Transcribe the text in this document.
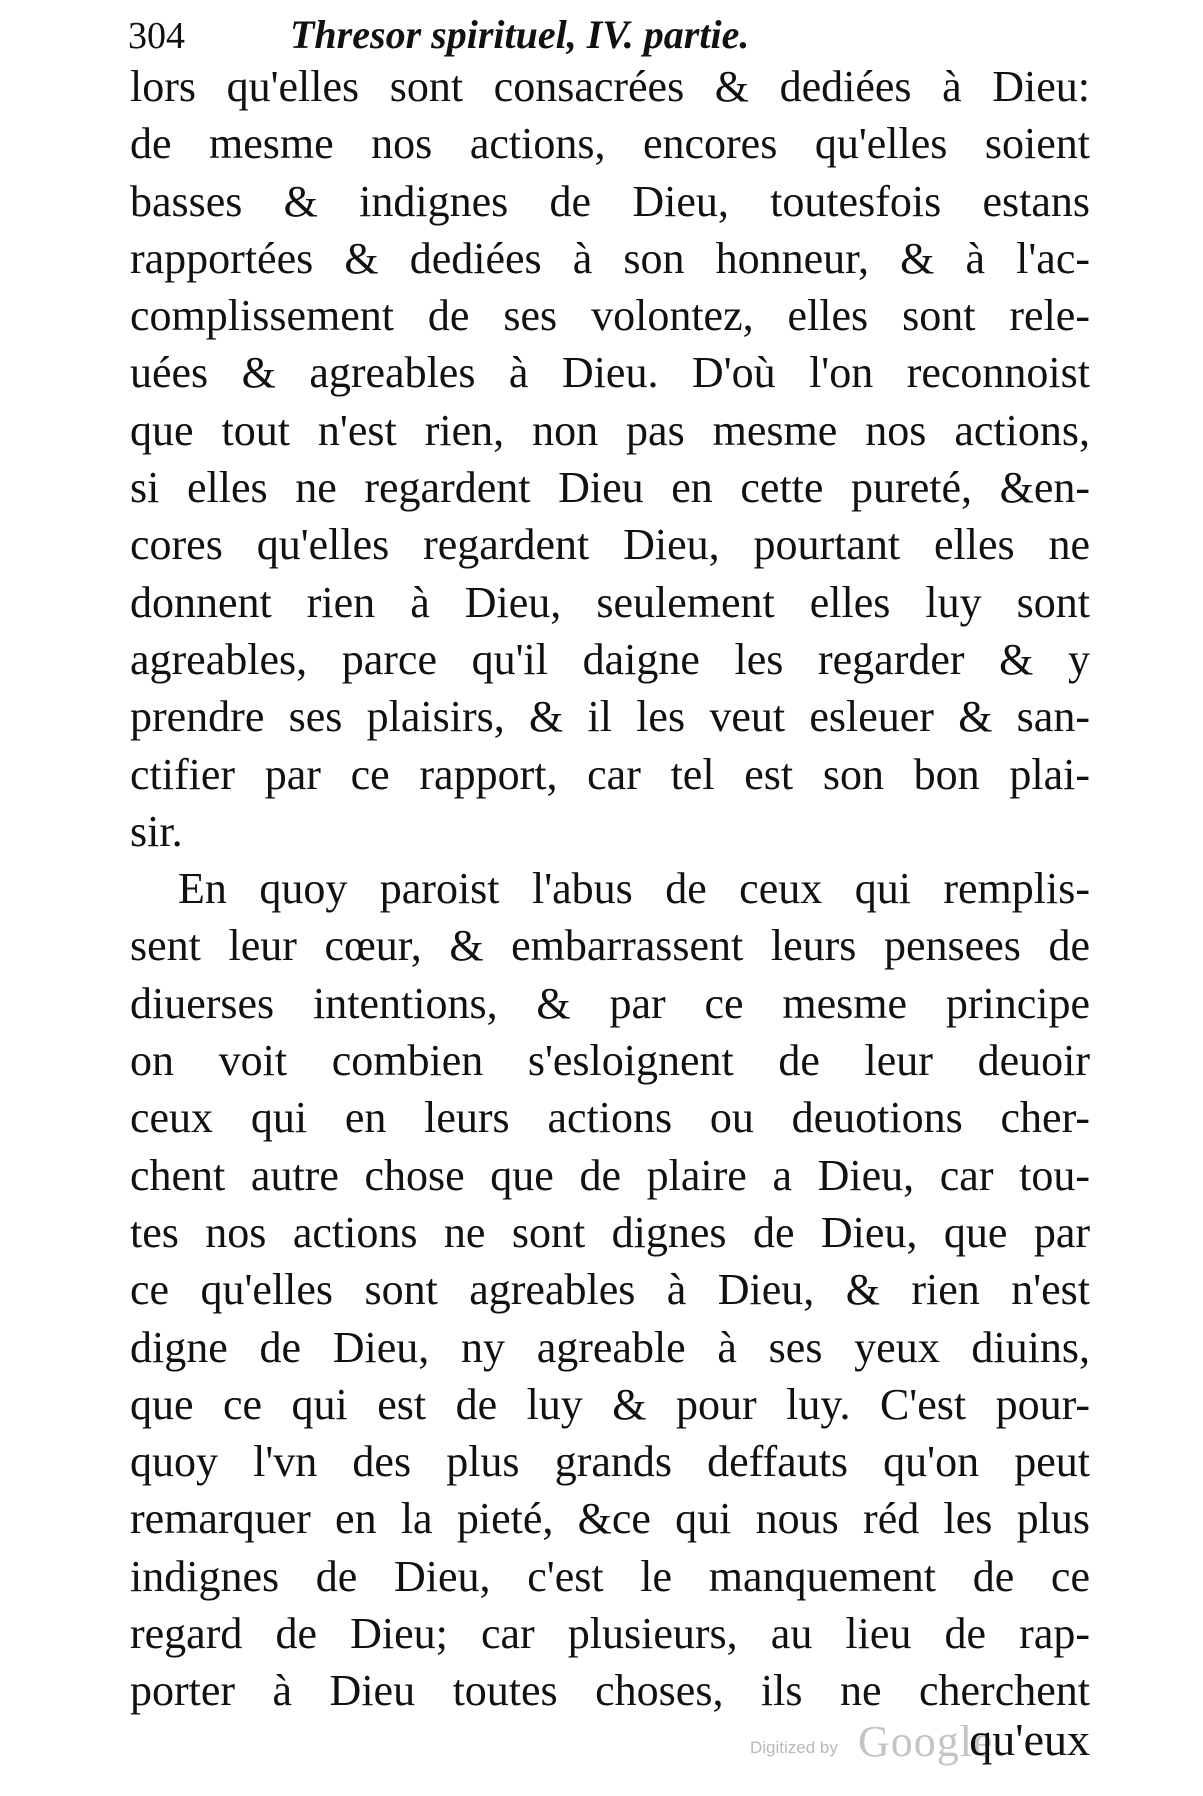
304	Thresor spirituel, IV. partie.
lors qu'elles sont consacrées & dediées à Dieu:
de mesme nos actions, encores qu'elles soient
basses & indignes de Dieu, toutesfois estans
rapportées & dediées à son honneur, & à l'ac-
complissement de ses volontez, elles sont rele-
uées & agreables à Dieu. D'où l'on reconnoist
que tout n'est rien, non pas mesme nos actions,
si elles ne regardent Dieu en cette pureté, &en-
cores qu'elles regardent Dieu, pourtant elles ne
donnent rien à Dieu, seulement elles luy sont
agreables, parce qu'il daigne les regarder & y
prendre ses plaisirs, & il les veut esleuer & san-
ctifier par ce rapport, car tel est son bon plai-
sir.
En quoy paroist l'abus de ceux qui remplis-
sent leur cœur, & embarrassent leurs pensees de
diuerses intentions, & par ce mesme principe
on voit combien s'esloignent de leur deuoir
ceux qui en leurs actions ou deuotions cher-
chent autre chose que de plaire a Dieu, car tou-
tes nos actions ne sont dignes de Dieu, que par
ce qu'elles sont agreables à Dieu, & rien n'est
digne de Dieu, ny agreable à ses yeux diuins,
que ce qui est de luy & pour luy. C'est pour-
quoy l'vn des plus grands deffauts qu'on peut
remarquer en la pieté, &ce qui nous réd les plus
indignes de Dieu, c'est le manquement de ce
regard de Dieu; car plusieurs, au lieu de rap-
porter à Dieu toutes choses, ils ne cherchent
Digitized by Google
qu'eux
